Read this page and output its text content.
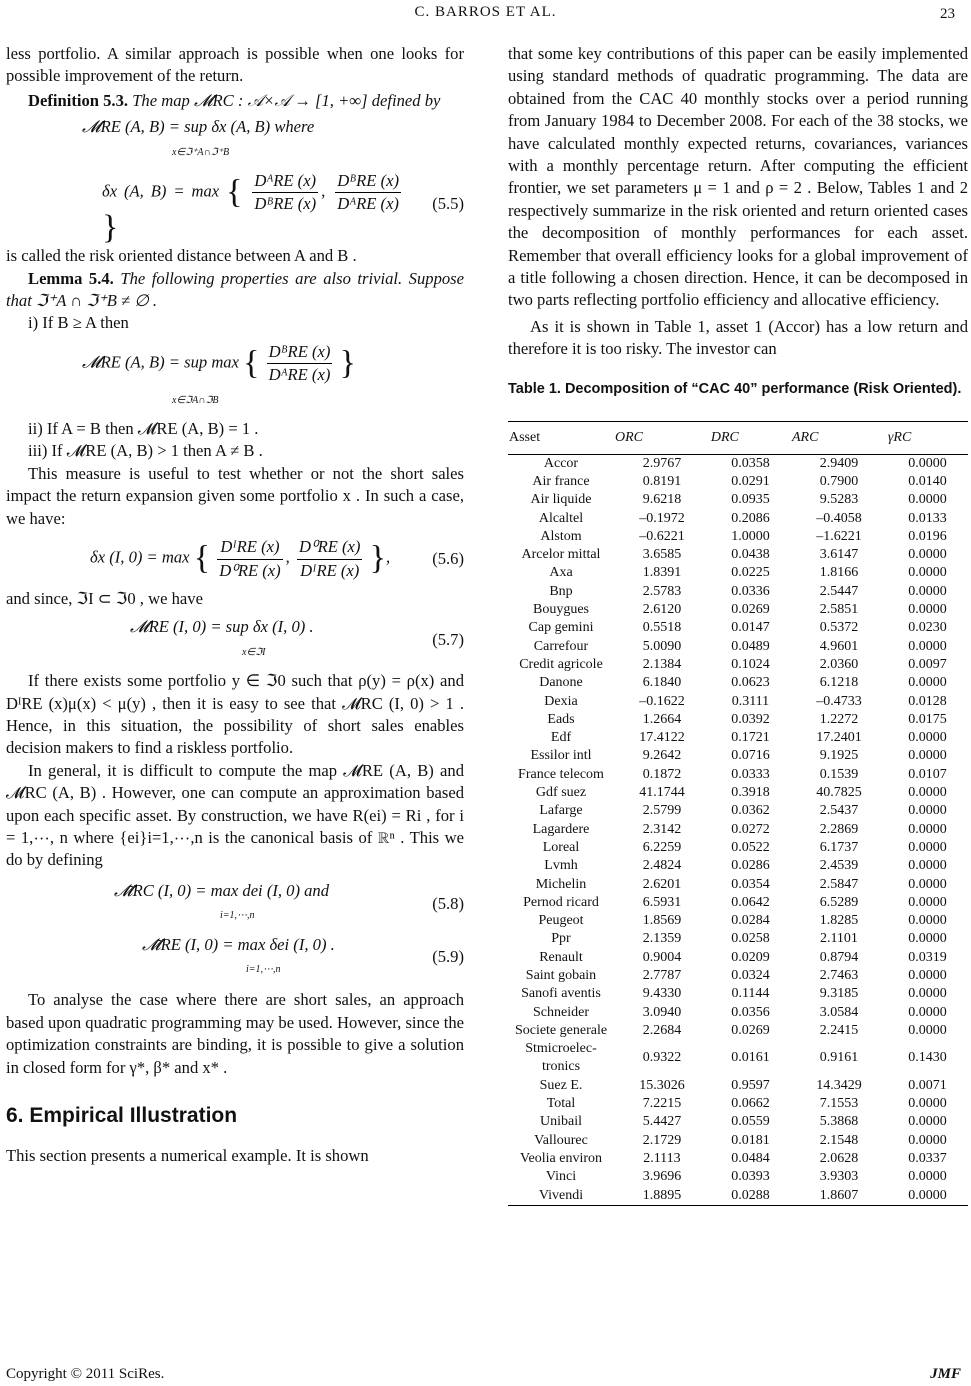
C. BARROS ET AL.	23

less portfolio. A similar approach is possible when one looks for possible improvement of the return.

Definition 5.3. The map 𝓜RC : 𝒜×𝒜 → [1, +∞] defined by

𝓜RE (A, B) = sup δx (A, B) where
x∈ℑ⁺A∩ℑ⁺B
δx (A, B) = max { $\frac{\text{DᴬRE (x)}}{\text{DᴮRE (x)}}$ , $\frac{\text{DᴮRE (x)}}{\text{DᴬRE (x)}}$
}
(5.5)

is called the risk oriented distance between A and B .

Lemma 5.4. The following properties are also trivial. Suppose that ℑ⁺A ∩ ℑ⁺B ≠ ∅ .

i) If B ≥ A then

𝓜RE (A, B) = sup max { $\frac{\text{DᴮRE (x)}}{\text{DᴬRE (x)}}$ }
x∈ℑA∩ℑB

ii) If A = B then 𝓜RE (A, B) = 1 .

iii) If 𝓜RE (A, B) > 1 then A ≠ B .

This measure is useful to test whether or not the short sales impact the return expansion given some portfolio x . In such a case, we have:

δx (I, 0) = max { $\frac{\text{DᴵRE (x)}}{\text{D⁰RE (x)}}$ , $\frac{\text{D⁰RE (x)}}{\text{DᴵRE (x)}}$ },	(5.6)

and since, ℑI ⊂ ℑ0 , we have

𝓜RE (I, 0) = sup δx (I, 0) .
x∈ℑI
(5.7)

If there exists some portfolio y ∈ ℑ0 such that ρ(y) = ρ(x) and DᴵRE (x)μ(x) < μ(y) , then it is easy to see that 𝓜RC (I, 0) > 1 . Hence, in this situation, the possibility of short sales enables decision makers to find a riskless portfolio.

In general, it is difficult to compute the map 𝓜RE (A, B) and 𝓜RC (A, B) . However, one can compute an approximation based upon each specific asset. By construction, we have R(ei) = Ri , for i = 1,⋯, n where {ei}i=1,⋯,n is the canonical basis of ℝⁿ . This we do by defining

𝓜̃RC (I, 0) = max dei (I, 0) and
i=1,⋯,n
(5.8)
𝓜̃RE (I, 0) = max δei (I, 0) .
i=1,⋯,n
(5.9)

To analyse the case where there are short sales, an approach based upon quadratic programming may be used. However, since the optimization constraints are binding, it is possible to give a solution in closed form for γ*, β* and x* .

6. Empirical Illustration

This section presents a numerical example. It is shown

that some key contributions of this paper can be easily implemented using standard methods of quadratic programming. The data are obtained from the CAC 40 monthly stocks over a period running from January 1984 to December 2008. For each of the 38 stocks, we have calculated monthly expected returns, covariances, variances with a monthly percentage return. After computing the efficient frontier, we set parameters μ = 1 and ρ = 2 . Below, Tables 1 and 2 respectively summarize in the risk oriented and return oriented cases the decomposition of monthly performances for each asset. Remember that overall efficiency looks for a global improvement of a title following a chosen direction. Hence, it can be decomposed in two parts reflecting portfolio efficiency and allocative efficiency.

As it is shown in Table 1, asset 1 (Accor) has a low return and therefore it is too risky. The investor can

Table 1. Decomposition of “CAC 40” performance (Risk Oriented).

Asset	ORC	DRC	ARC	γRC
Accor	2.9767	0.0358	2.9409	0.0000
Air france	0.8191	0.0291	0.7900	0.0140
Air liquide	9.6218	0.0935	9.5283	0.0000
Alcaltel	–0.1972	0.2086	–0.4058	0.0133
Alstom	–0.6221	1.0000	–1.6221	0.0196
Arcelor mittal	3.6585	0.0438	3.6147	0.0000
Axa	1.8391	0.0225	1.8166	0.0000
Bnp	2.5783	0.0336	2.5447	0.0000
Bouygues	2.6120	0.0269	2.5851	0.0000
Cap gemini	0.5518	0.0147	0.5372	0.0230
Carrefour	5.0090	0.0489	4.9601	0.0000
Credit agricole	2.1384	0.1024	2.0360	0.0097
Danone	6.1840	0.0623	6.1218	0.0000
Dexia	–0.1622	0.3111	–0.4733	0.0128
Eads	1.2664	0.0392	1.2272	0.0175
Edf	17.4122	0.1721	17.2401	0.0000
Essilor intl	9.2642	0.0716	9.1925	0.0000
France telecom	0.1872	0.0333	0.1539	0.0107
Gdf suez	41.1744	0.3918	40.7825	0.0000
Lafarge	2.5799	0.0362	2.5437	0.0000
Lagardere	2.3142	0.0272	2.2869	0.0000
Loreal	6.2259	0.0522	6.1737	0.0000
Lvmh	2.4824	0.0286	2.4539	0.0000
Michelin	2.6201	0.0354	2.5847	0.0000
Pernod ricard	6.5931	0.0642	6.5289	0.0000
Peugeot	1.8569	0.0284	1.8285	0.0000
Ppr	2.1359	0.0258	2.1101	0.0000
Renault	0.9004	0.0209	0.8794	0.0319
Saint gobain	2.7787	0.0324	2.7463	0.0000
Sanofi aventis	9.4330	0.1144	9.3185	0.0000
Schneider	3.0940	0.0356	3.0584	0.0000
Societe generale	2.2684	0.0269	2.2415	0.0000
Stmicroelec-
tronics	0.9322	0.0161	0.9161	0.1430
Suez E.	15.3026	0.9597	14.3429	0.0071
Total	7.2215	0.0662	7.1553	0.0000
Unibail	5.4427	0.0559	5.3868	0.0000
Vallourec	2.1729	0.0181	2.1548	0.0000
Veolia environ	2.1113	0.0484	2.0628	0.0337
Vinci	3.9696	0.0393	3.9303	0.0000
Vivendi	1.8895	0.0288	1.8607	0.0000
Copyright © 2011 SciRes.	JMF
